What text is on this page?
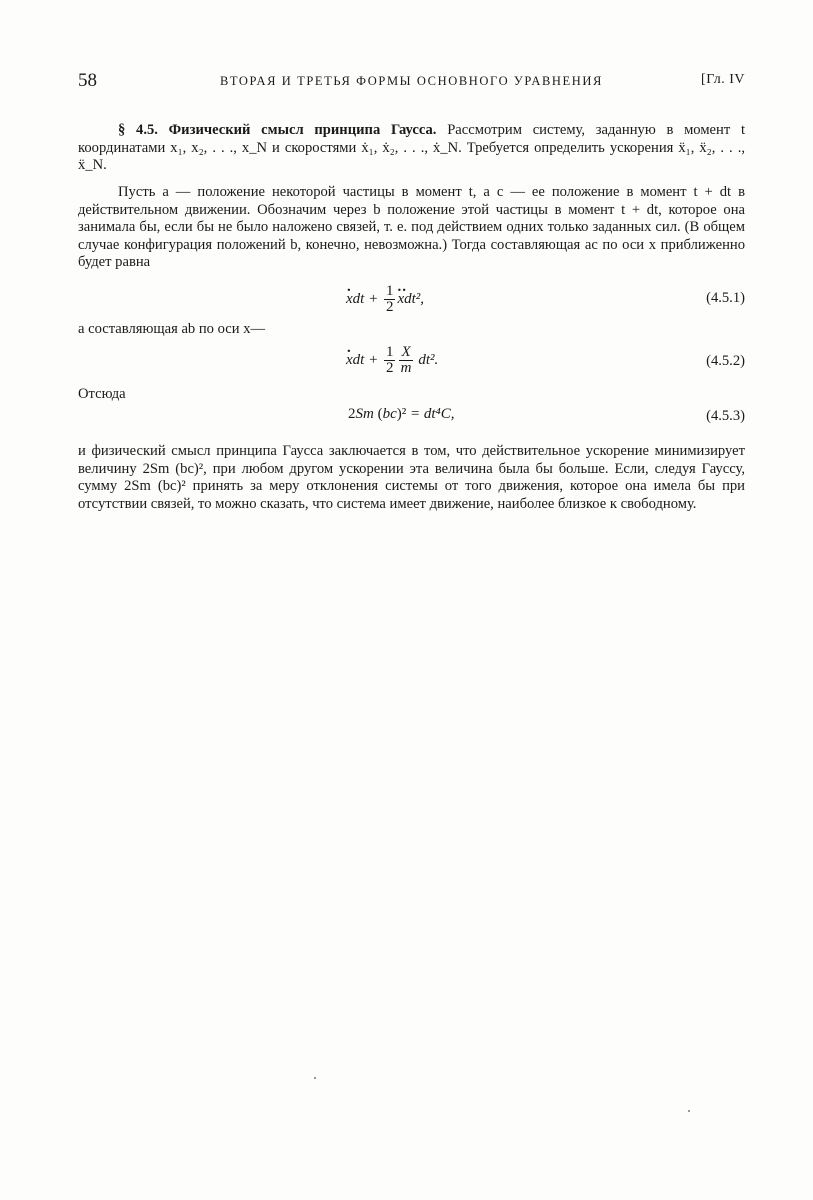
58	ВТОРАЯ И ТРЕТЬЯ ФОРМЫ ОСНОВНОГО УРАВНЕНИЯ	[Гл. IV

§ 4.5. Физический смысл принципа Гаусса. Рассмотрим систему, заданную в момент t координатами x₁, x₂, . . ., x_N и скоростями ẋ₁, ẋ₂, . . ., ẋ_N. Требуется определить ускорения ẍ₁, ẍ₂, . . ., ẍ_N.

Пусть a — положение некоторой частицы в момент t, а c — ее положение в момент t + dt в действительном движении. Обозначим через b положение этой частицы в момент t + dt, которое она занимала бы, если бы не было наложено связей, т. е. под действием одних только заданных сил. (В общем случае конфигурация положений b, конечно, невозможна.) Тогда составляющая ac по оси x приближенно будет равна

. xdt + $\frac{1}{2}$
.. xdt²,	(4.5.1)
а составляющая ab по оси x—
. xdt + $\frac{1}{2} \frac{X}{m} dt^2$.	(4.5.2)
Отсюда
2Sm (bc)² = dt⁴C,	(4.5.3)

и физический смысл принципа Гаусса заключается в том, что действительное ускорение минимизирует величину 2Sm (bc)², при любом другом ускорении эта величина была бы больше. Если, следуя Гауссу, сумму 2Sm (bc)² принять за меру отклонения системы от того движения, которое она имела бы при отсутствии связей, то можно сказать, что система имеет движение, наиболее близкое к свободному.
